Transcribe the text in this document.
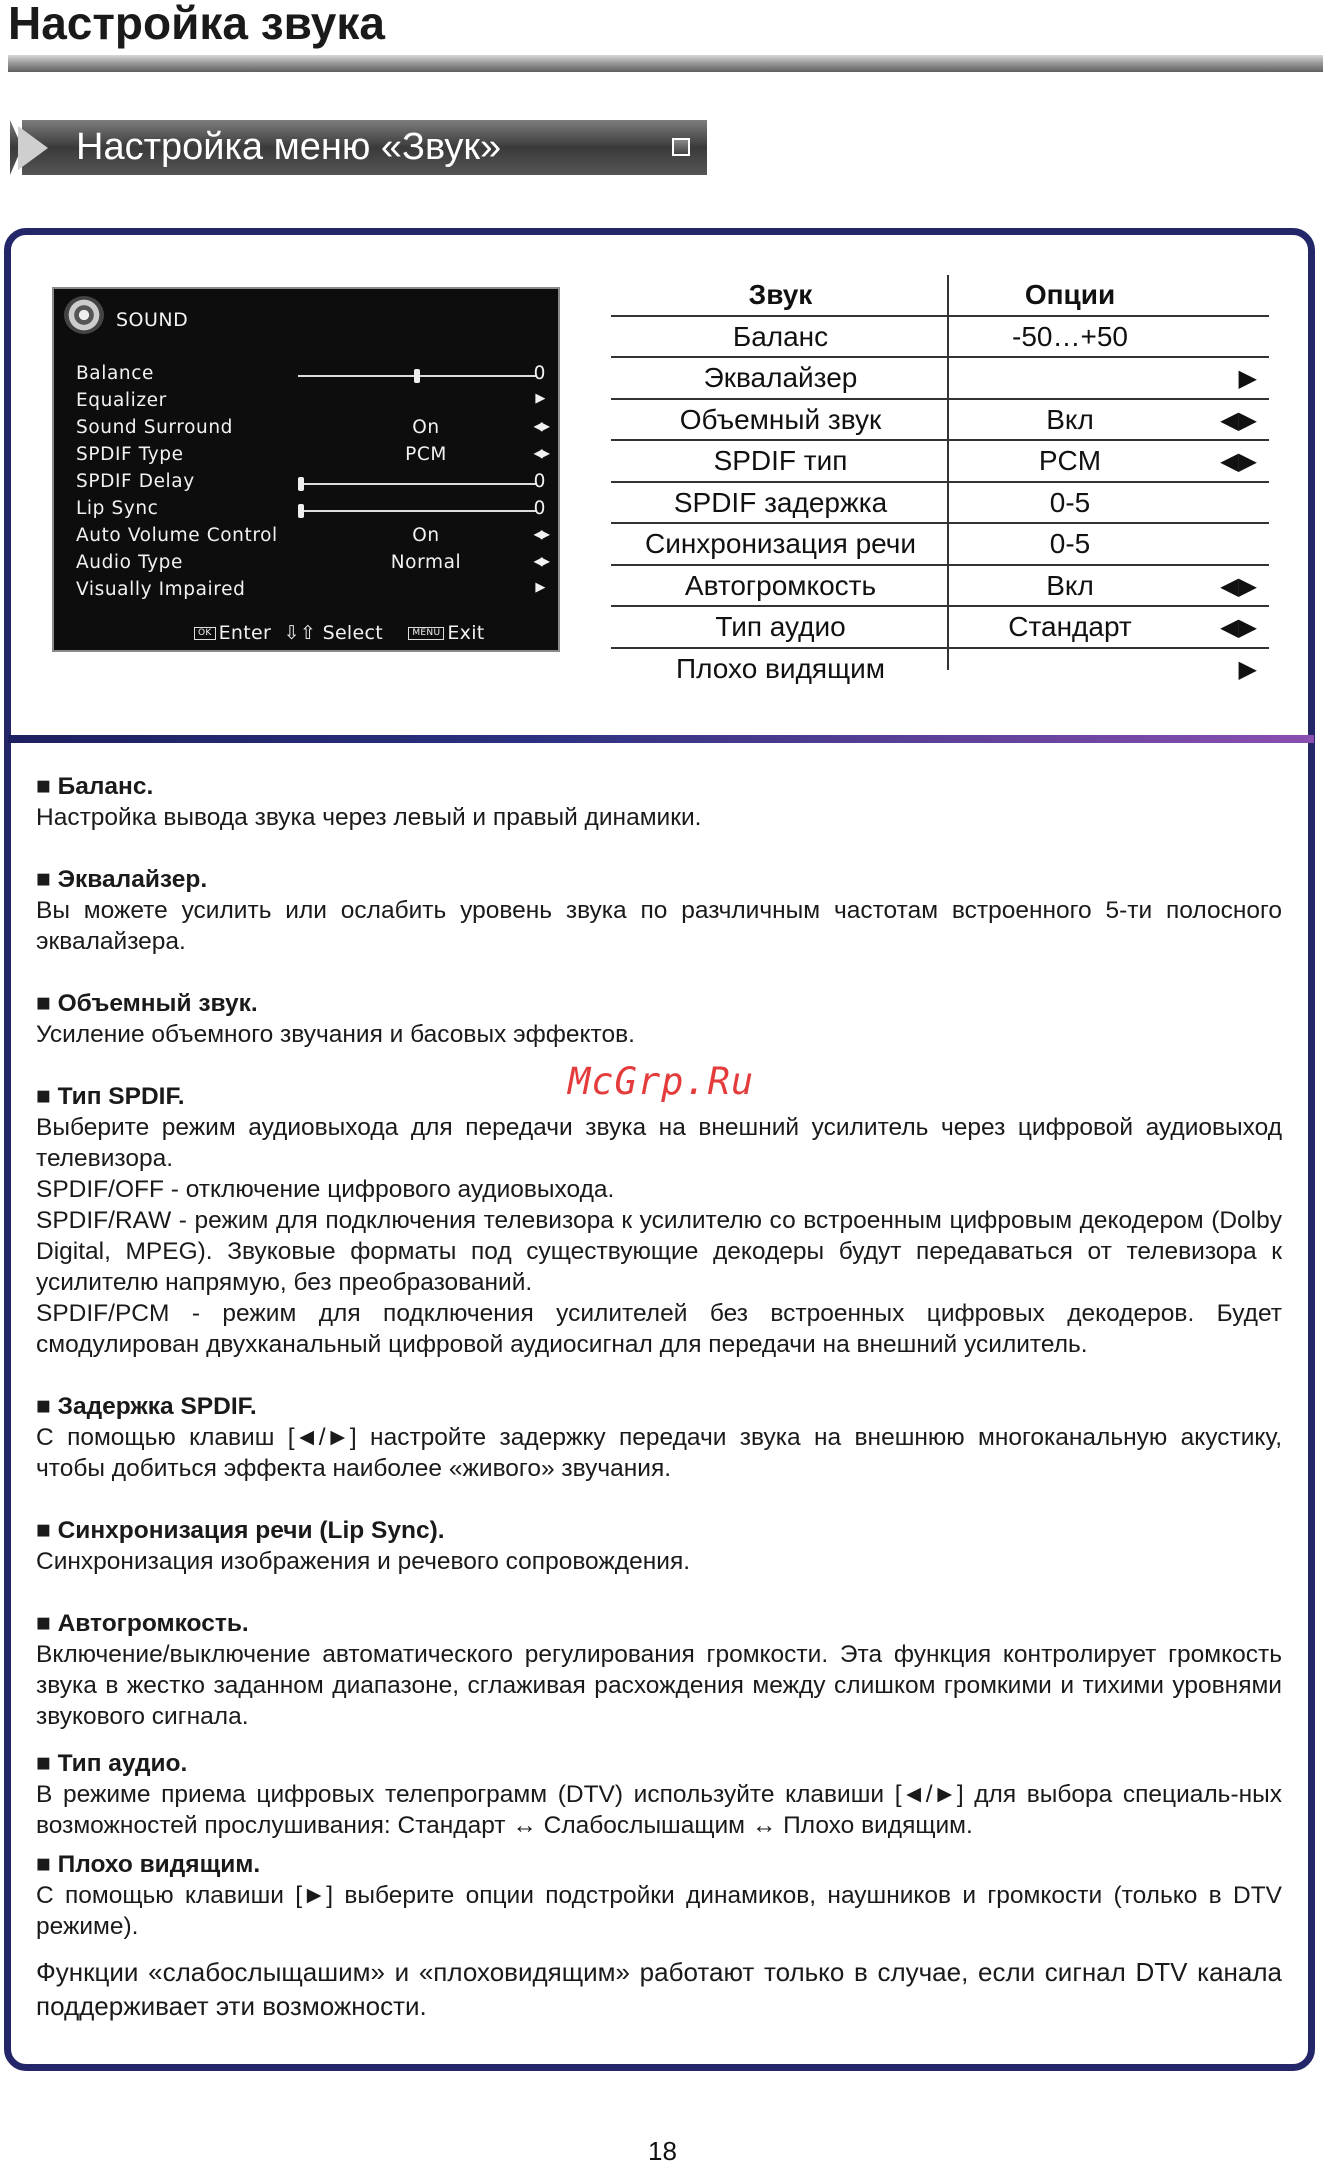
Настройка звука
Настройка меню «Звук»
SOUND
Balance	0
Equalizer	▶
Sound Surround	On	◀▶
SPDIF Type	PCM	◀▶
SPDIF Delay	0
Lip Sync	0
Auto Volume Control	On	◀▶
Audio Type	Normal	◀▶
Visually Impaired	▶
OK Enter ⇩⇧ Select	MENU Exit
Звук	Опции
Баланс	-50…+50
Эквалайзер	▶
Объемный звук	Вкл	◀▶
SPDIF тип	PCM	◀▶
SPDIF задержка	0-5
Синхронизация речи	0-5
Автогромкость	Вкл	◀▶
Тип аудио	Стандарт	◀▶
Плохо видящим	▶

■ Баланс.

Настройка вывода звука через левый и правый динамики.

■ Эквалайзер.

Вы можете усилить или ослабить уровень звука по разчличным частотам встроенного 5-ти полосного эквалайзера.

■ Объемный звук.

Усиление объемного звучания и басовых эффектов.

McGrp.Ru

■ Тип SPDIF.

Выберите режим аудиовыхода для передачи звука на внешний усилитель через цифровой аудиовыход телевизора.

SPDIF/OFF - отключение цифрового аудиовыхода.

SPDIF/RAW - режим для подключения телевизора к усилителю со встроенным цифровым декодером (Dolby Digital, MPEG). Звуковые форматы под существующие декодеры будут передаваться от телевизора к усилителю напрямую, без преобразований.

SPDIF/PCM - режим для подключения усилителей без встроенных цифровых декодеров. Будет смодулирован двухканальный цифровой аудиосигнал для передачи на внешний усилитель.

■ Задержка SPDIF.

С помощью клавиш [◄/►] настройте задержку передачи звука на внешнюю многоканальную акустику, чтобы добиться эффекта наиболее «живого» звучания.

■ Синхронизация речи (Lip Sync).

Синхронизация изображения и речевого сопровождения.

■ Автогромкость.

Включение/выключение автоматического регулирования громкости. Эта функция контролирует громкость звука в жестко заданном диапазоне, сглаживая расхождения между слишком громкими и тихими уровнями звукового сигнала.

■ Тип аудио.

В режиме приема цифровых телепрограмм (DTV) используйте клавиши [◄/►] для выбора специаль-ных возможностей прослушивания: Стандарт ↔ Слабослышащим ↔ Плохо видящим.

■ Плохо видящим.

С помощью клавиши [►] выберите опции подстройки динамиков, наушников и громкости (только в DTV режиме).

Функции «слабослыщашим» и «плоховидящим» работают только в случае, если сигнал DTV канала поддерживает эти возможности.

18
